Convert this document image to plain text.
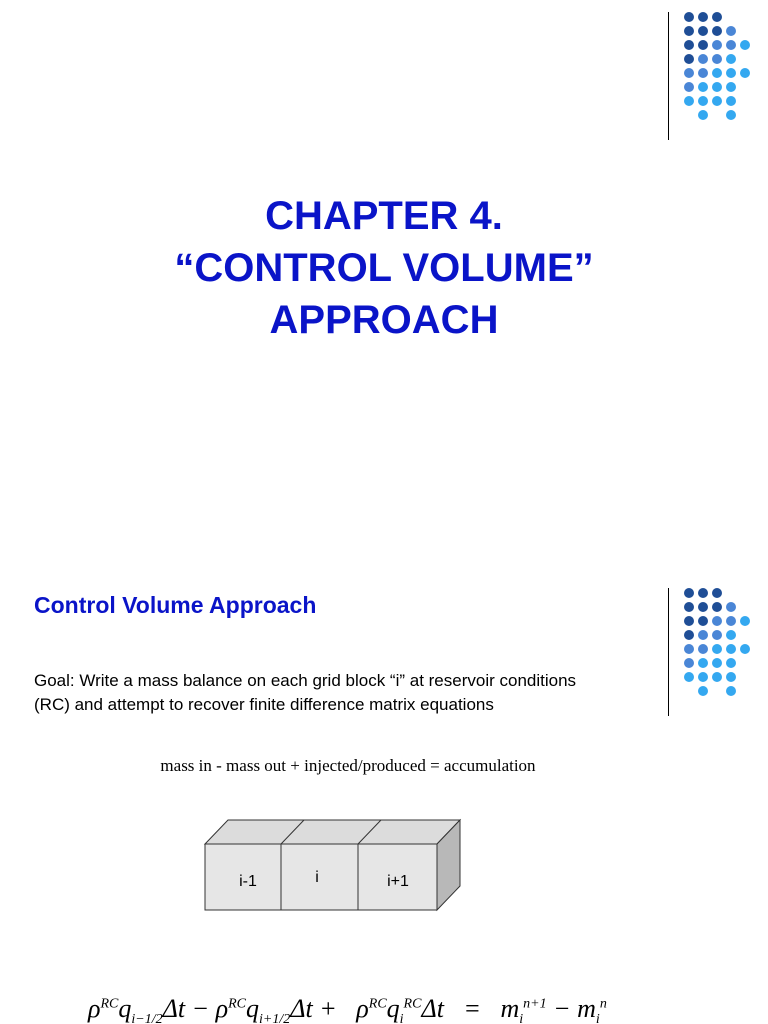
CHAPTER 4.
“CONTROL VOLUME”
APPROACH
Control Volume Approach

Goal: Write a mass balance on each grid block “i” at reservoir conditions
(RC) and attempt to recover finite difference matrix equations

mass in - mass out + injected/produced = accumulation
i-1	i	i+1
$\rho^{RC}q_{i-1/2}\Delta t - \rho^{RC}q_{i+1/2}\Delta t + \rho^{RC}q_i^{RC}\Delta t = m_i^{n+1} - m_i^n$
